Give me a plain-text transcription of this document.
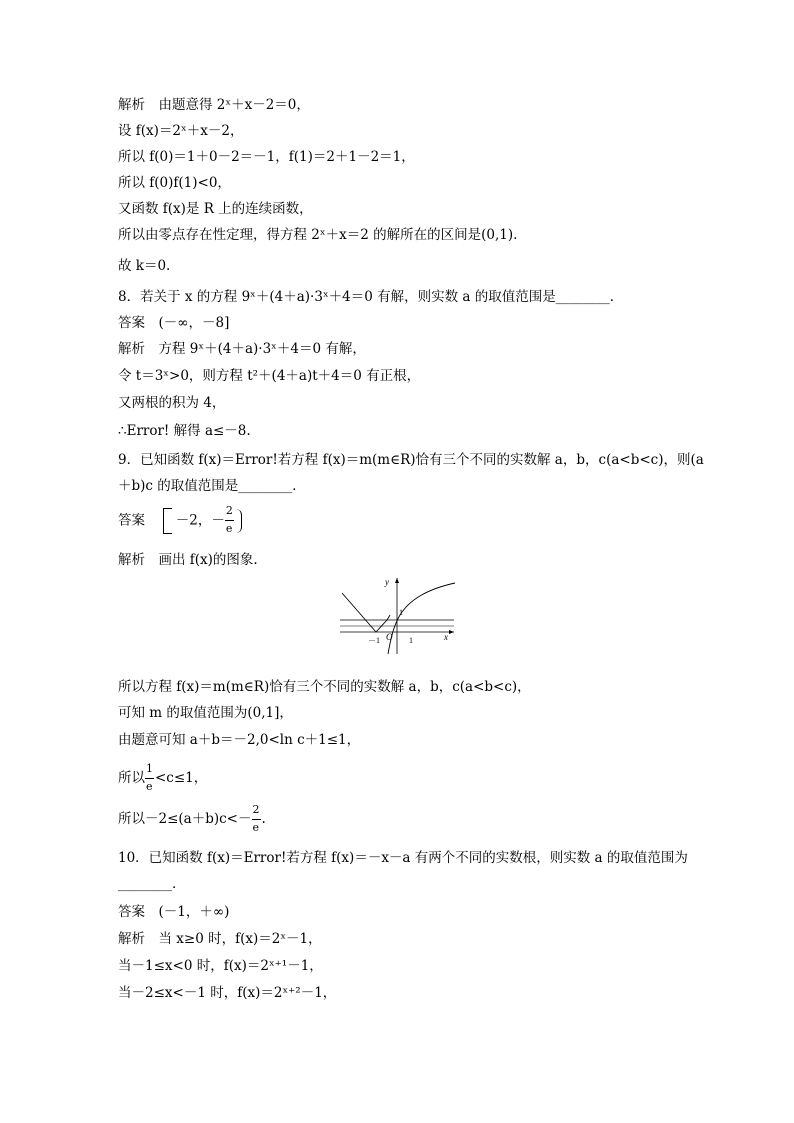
解析　由题意得 2ˣ＋x－2＝0，
设 f(x)＝2ˣ＋x－2，
所以 f(0)＝1＋0－2＝－1，f(1)＝2＋1－2＝1，
所以 f(0)f(1)<0，
又函数 f(x)是 R 上的连续函数，
所以由零点存在性定理，得方程 2ˣ＋x＝2 的解所在的区间是(0,1).
故 k＝0.
8．若关于 x 的方程 9ˣ＋(4＋a)·3ˣ＋4＝0 有解，则实数 a 的取值范围是________．
答案　(－∞，－8]
解析　方程 9ˣ＋(4＋a)·3ˣ＋4＝0 有解，
令 t＝3ˣ>0，则方程 t²＋(4＋a)t＋4＝0 有正根，
又两根的积为 4，
∴Error! 解得 a≤－8.
9．已知函数 f(x)＝Error!若方程 f(x)＝m(m∈R)恰有三个不同的实数解 a，b，c(a<b<c)，则(a
＋b)c 的取值范围是________．
答案　 －2，－ $\frac{2}{e}$
解析　画出 f(x)的图象.
y
x
O
－1	1
1
所以方程 f(x)＝m(m∈R)恰有三个不同的实数解 a，b，c(a<b<c)，
可知 m 的取值范围为(0,1]，
由题意可知 a＋b＝－2,0<ln c＋1≤1，
所以 $\frac{1}{e} <c\le 1$，
所以$-2\le(a+b)c<- \frac{2}{e}$ .
10．已知函数 f(x)＝Error!若方程 f(x)＝－x－a 有两个不同的实数根，则实数 a 的取值范围为
________．
答案　(－1，＋∞)
解析　当 x≥0 时，f(x)＝2ˣ－1，
当－1≤x<0 时，f(x)＝2ˣ⁺¹－1，
当－2≤x<－1 时，f(x)＝2ˣ⁺²－1，
